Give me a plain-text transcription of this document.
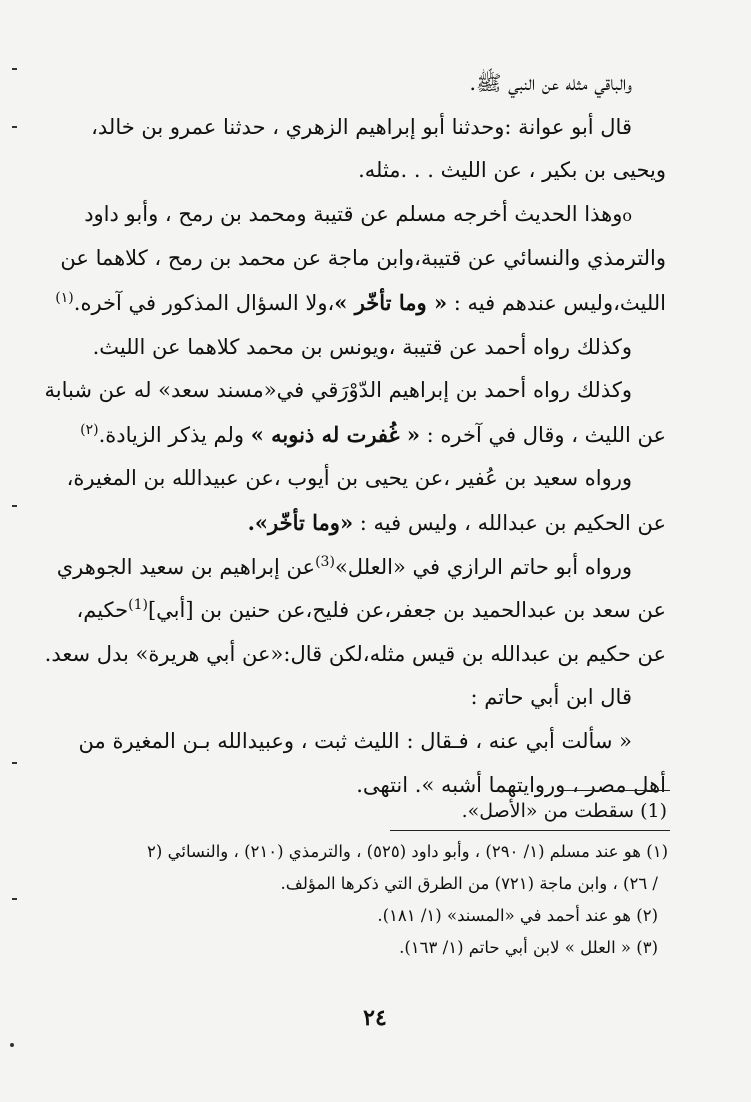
والباقي مثله عن النبي ﷺ.
قال أبو عوانة :وحدثنا أبو إبراهيم الزهري ، حدثنا عمرو بن خالد،
ويحيى بن بكير ، عن الليث . . .مثله.
oوهذا الحديث أخرجه مسلم عن قتيبة ومحمد بن رمح ، وأبو داود
والترمذي والنسائي عن قتيبة،وابن ماجة عن محمد بن رمح ، كلاهما عن
الليث،وليس عندهم فيه : « وما تأخّر »،ولا السؤال المذكور في آخره.$^{(١)}$
وكذلك رواه أحمد عن قتيبة ،ويونس بن محمد كلاهما عن الليث.
وكذلك رواه أحمد بن إبراهيم الدّوْرَقي في«مسند سعد» له عن شبابة
عن الليث ، وقال في آخره : « غُفرت له ذنوبه » ولم يذكر الزيادة.$^{(٢)}$
ورواه سعيد بن عُفير ،عن يحيى بن أيوب ،عن عبيدالله بن المغيرة،
عن الحكيم بن عبدالله ، وليس فيه : «وما تأخّر».
ورواه أبو حاتم الرازي في «العلل»$^{(3)}$عن إبراهيم بن سعيد الجوهري
عن سعد بن عبدالحميد بن جعفر،عن فليح،عن حنين بن [أبي]$^{(1)}$حكيم،
عن حكيم بن عبدالله بن قيس مثله،لكن قال:«عن أبي هريرة» بدل سعد.
قال ابن أبي حاتم :
« سألت أبي عنه ، فـقال : الليث ثبت ، وعبيدالله بـن المغيرة من
أهل مصر ، وروايتهما أشبه ». انتهى.
(1) سقطت من «الأصل».
(١) هو عند مسلم (١/ ٢٩٠) ، وأبو داود (٥٢٥) ، والترمذي (٢١٠) ، والنسائي (٢
/ ٢٦) ، وابن ماجة (٧٢١) من الطرق التي ذكرها المؤلف.
(٢) هو عند أحمد في «المسند» (١/ ١٨١).
(٣) « العلل » لابن أبي حاتم (١/ ١٦٣).
٢٤
